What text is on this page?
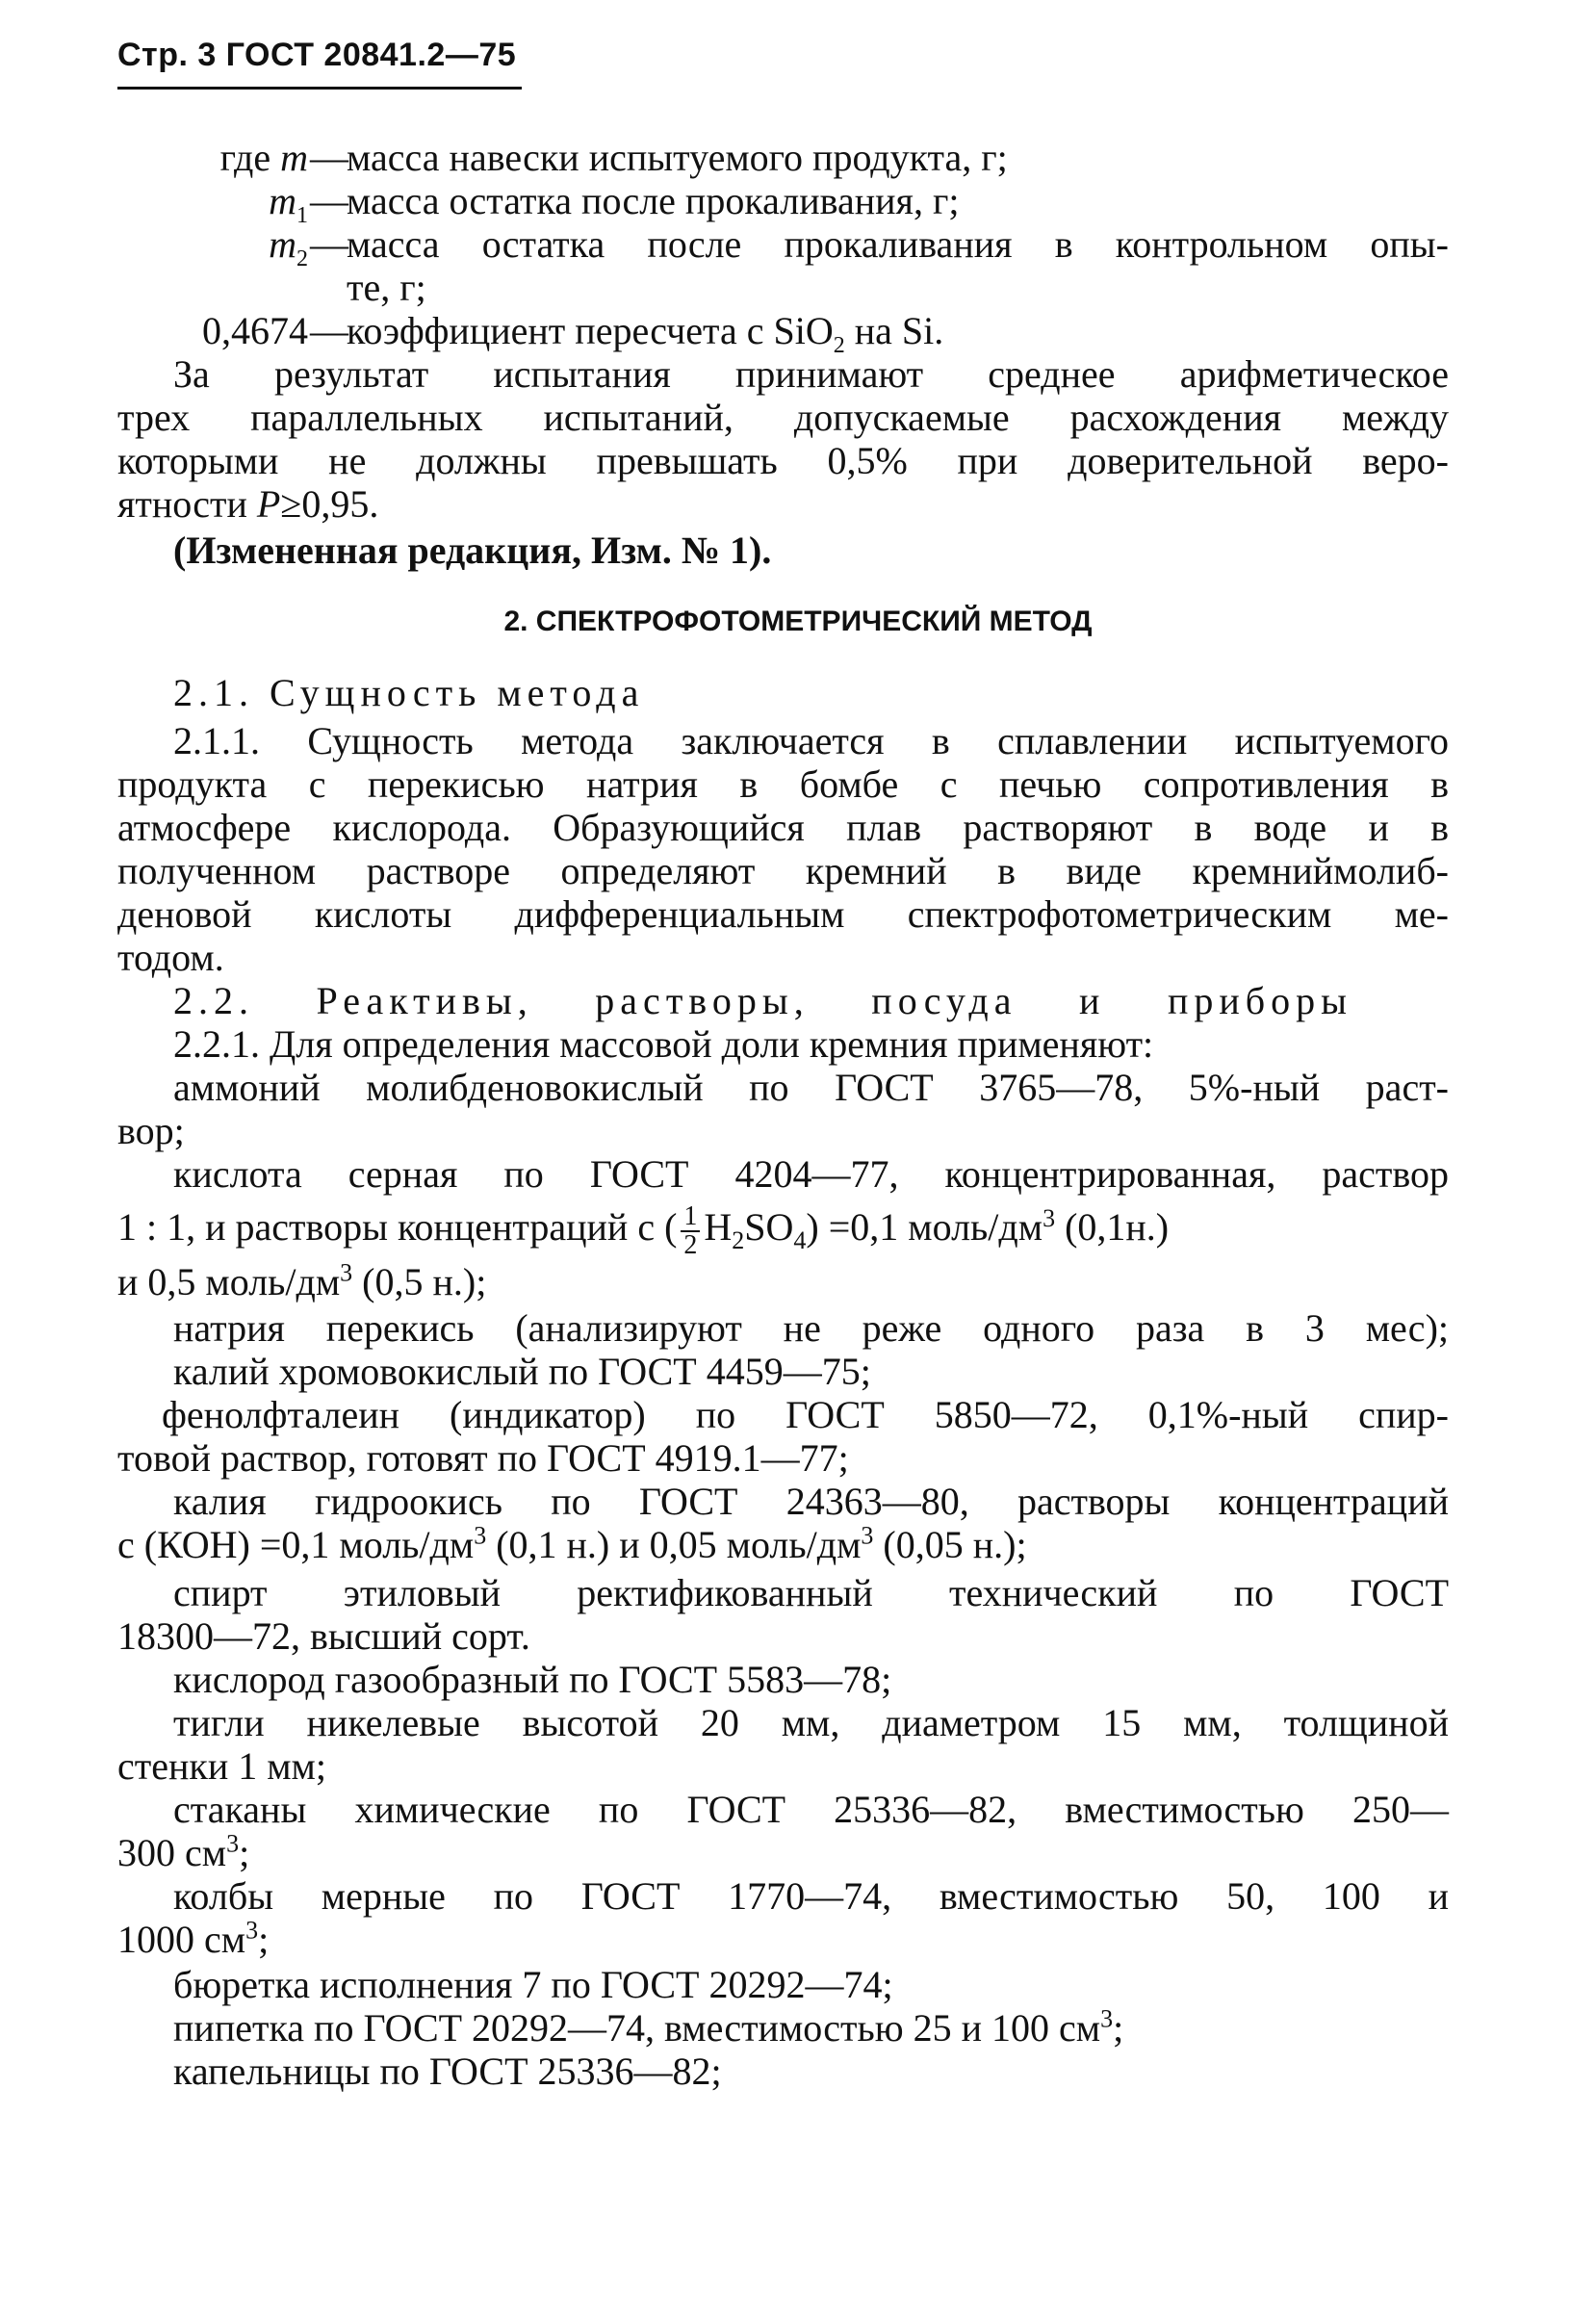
Стр. 3 ГОСТ 20841.2—75
где m —
масса навески испытуемого продукта, г;
$m_1$ —
масса остатка после прокаливания, г;
$m_2$ —
масса остатка после прокаливания в контрольном опы-
те, г;
0,4674 —
коэффициент пересчета с SiO$_2$ на Si.
За результат испытания принимают среднее арифметическое
трех параллельных испытаний, допускаемые расхождения между
которыми не должны превышать 0,5% при доверительной веро-
ятности P≥0,95.
(Измененная редакция, Изм. № 1).
2. СПЕКТРОФОТОМЕТРИЧЕСКИЙ МЕТОД
2.1. Сущность метода
2.1.1. Сущность метода заключается в сплавлении испытуемого
продукта с перекисью натрия в бомбе с печью сопротивления в
атмосфере кислорода. Образующийся плав растворяют в воде и в
полученном растворе определяют кремний в виде кремниймолиб-
деновой кислоты дифференциальным спектрофотометрическим ме-
тодом.
2.2. Реактивы, растворы, посуда и приборы
2.2.1. Для определения массовой доли кремния применяют:
аммоний молибденовокислый по ГОСТ 3765—78, 5%-ный раст-
вор;
кислота серная по ГОСТ 4204—77, концентрированная, раствор
1 : 1, и растворы концентраций с ( $\frac{1}{2} H_2SO_4) =0,1$ моль/$дм^3$ (0,1н.)
и 0,5 моль/$дм^3$ (0,5 н.);
натрия перекись (анализируют не реже одного раза в 3 мес);
калий хромовокислый по ГОСТ 4459—75;
фенолфталеин (индикатор) по ГОСТ 5850—72, 0,1%-ный спир-
товой раствор, готовят по ГОСТ 4919.1—77;
калия гидроокись по ГОСТ 24363—80, растворы концентраций
с (КОН) =0,1 моль/$дм^3$ (0,1 н.) и 0,05 моль/$дм^3$ (0,05 н.);
спирт этиловый ректификованный технический по ГОСТ
18300—72, высший сорт.
кислород газообразный по ГОСТ 5583—78;
тигли никелевые высотой 20 мм, диаметром 15 мм, толщиной
стенки 1 мм;
стаканы химические по ГОСТ 25336—82, вместимостью 250—
300 $см^3$;
колбы мерные по ГОСТ 1770—74, вместимостью 50, 100 и
1000 $см^3$;
бюретка исполнения 7 по ГОСТ 20292—74;
пипетка по ГОСТ 20292—74, вместимостью 25 и 100 $см^3$;
капельницы по ГОСТ 25336—82;
